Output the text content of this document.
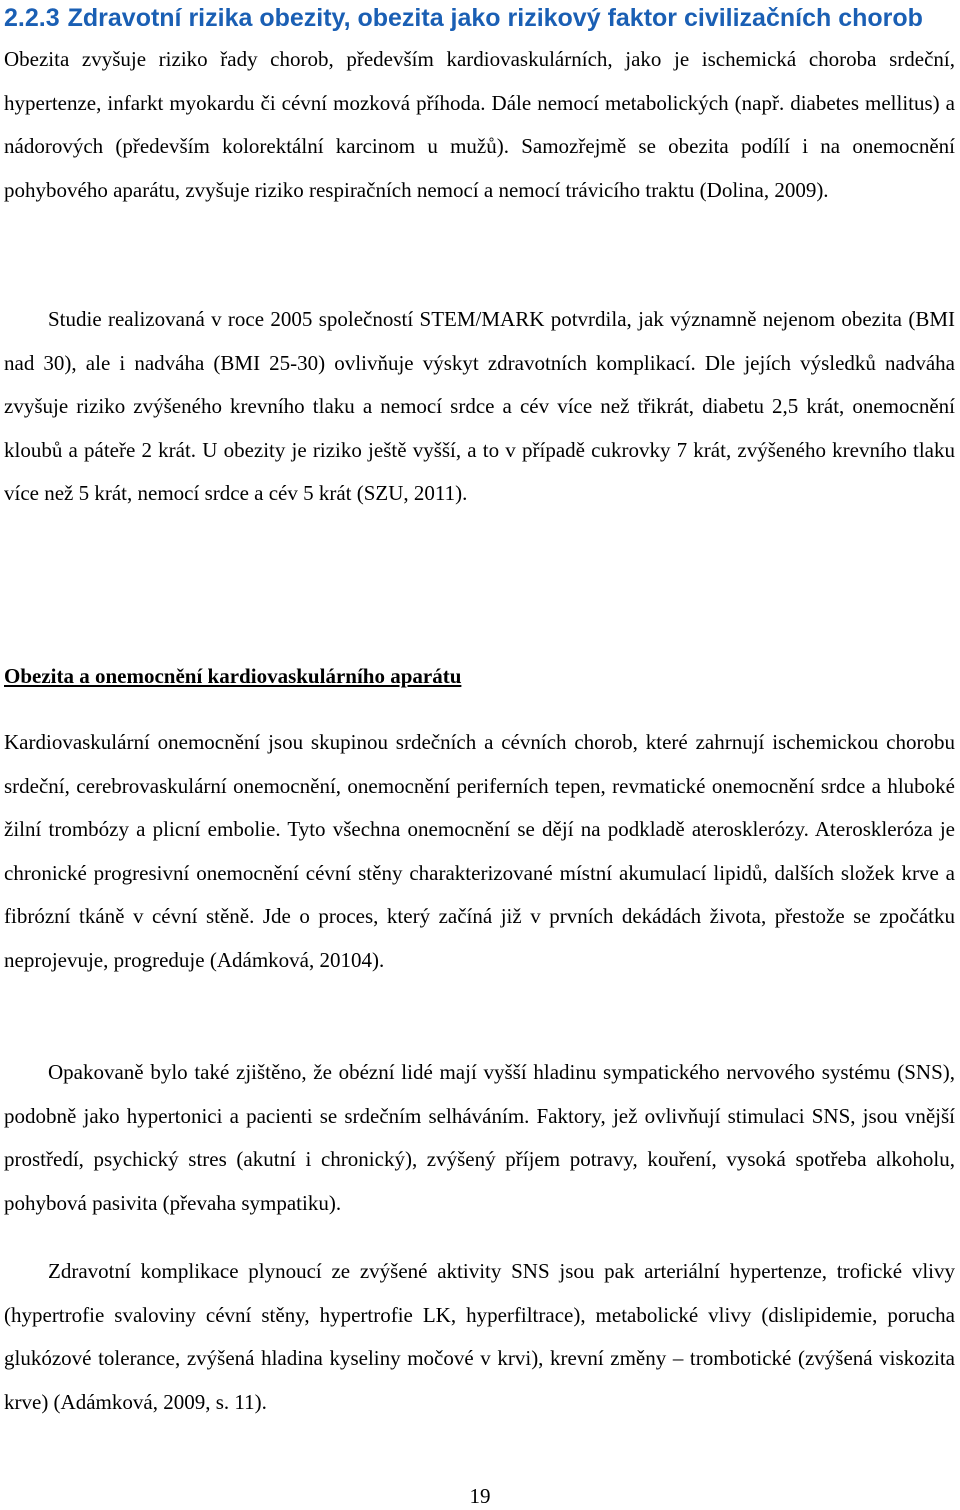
2.2.3 Zdravotní rizika obezity, obezita jako rizikový faktor civilizačních chorob

Obezita zvyšuje riziko řady chorob, především kardiovaskulárních, jako je ischemická choroba srdeční, hypertenze, infarkt myokardu či cévní mozková příhoda. Dále nemocí metabolických (např. diabetes mellitus) a nádorových (především kolorektální karcinom u mužů). Samozřejmě se obezita podílí i na onemocnění pohybového aparátu, zvyšuje riziko respiračních nemocí a nemocí trávicího traktu (Dolina, 2009).

Studie realizovaná v roce 2005 společností STEM/MARK potvrdila, jak významně nejenom obezita (BMI nad 30), ale i nadváha (BMI 25-30) ovlivňuje výskyt zdravotních komplikací. Dle jejích výsledků nadváha zvyšuje riziko zvýšeného krevního tlaku a nemocí srdce a cév více než třikrát, diabetu 2,5 krát, onemocnění kloubů a páteře 2 krát. U obezity je riziko ještě vyšší, a to v případě cukrovky 7 krát, zvýšeného krevního tlaku více než 5 krát, nemocí srdce a cév 5 krát (SZU, 2011).

Obezita a onemocnění kardiovaskulárního aparátu

Kardiovaskulární onemocnění jsou skupinou srdečních a cévních chorob, které zahrnují ischemickou chorobu srdeční, cerebrovaskulární onemocnění, onemocnění periferních tepen, revmatické onemocnění srdce a hluboké žilní trombózy a plicní embolie. Tyto všechna onemocnění se dějí na podkladě aterosklerózy. Ateroskleróza je chronické progresivní onemocnění cévní stěny charakterizované místní akumulací lipidů, dalších složek krve a fibrózní tkáně v cévní stěně. Jde o proces, který začíná již v prvních dekádách života, přestože se zpočátku neprojevuje, progreduje (Adámková, 20104).

Opakovaně bylo také zjištěno, že obézní lidé mají vyšší hladinu sympatického nervového systému (SNS), podobně jako hypertonici a pacienti se srdečním selháváním. Faktory, jež ovlivňují stimulaci SNS, jsou vnější prostředí, psychický stres (akutní i chronický), zvýšený příjem potravy, kouření, vysoká spotřeba alkoholu, pohybová pasivita (převaha sympatiku).

Zdravotní komplikace plynoucí ze zvýšené aktivity SNS jsou pak arteriální hypertenze, trofické vlivy (hypertrofie svaloviny cévní stěny, hypertrofie LK, hyperfiltrace), metabolické vlivy (dislipidemie, porucha glukózové tolerance, zvýšená hladina kyseliny močové v krvi), krevní změny – trombotické (zvýšená viskozita krve) (Adámková, 2009, s. 11).

19
